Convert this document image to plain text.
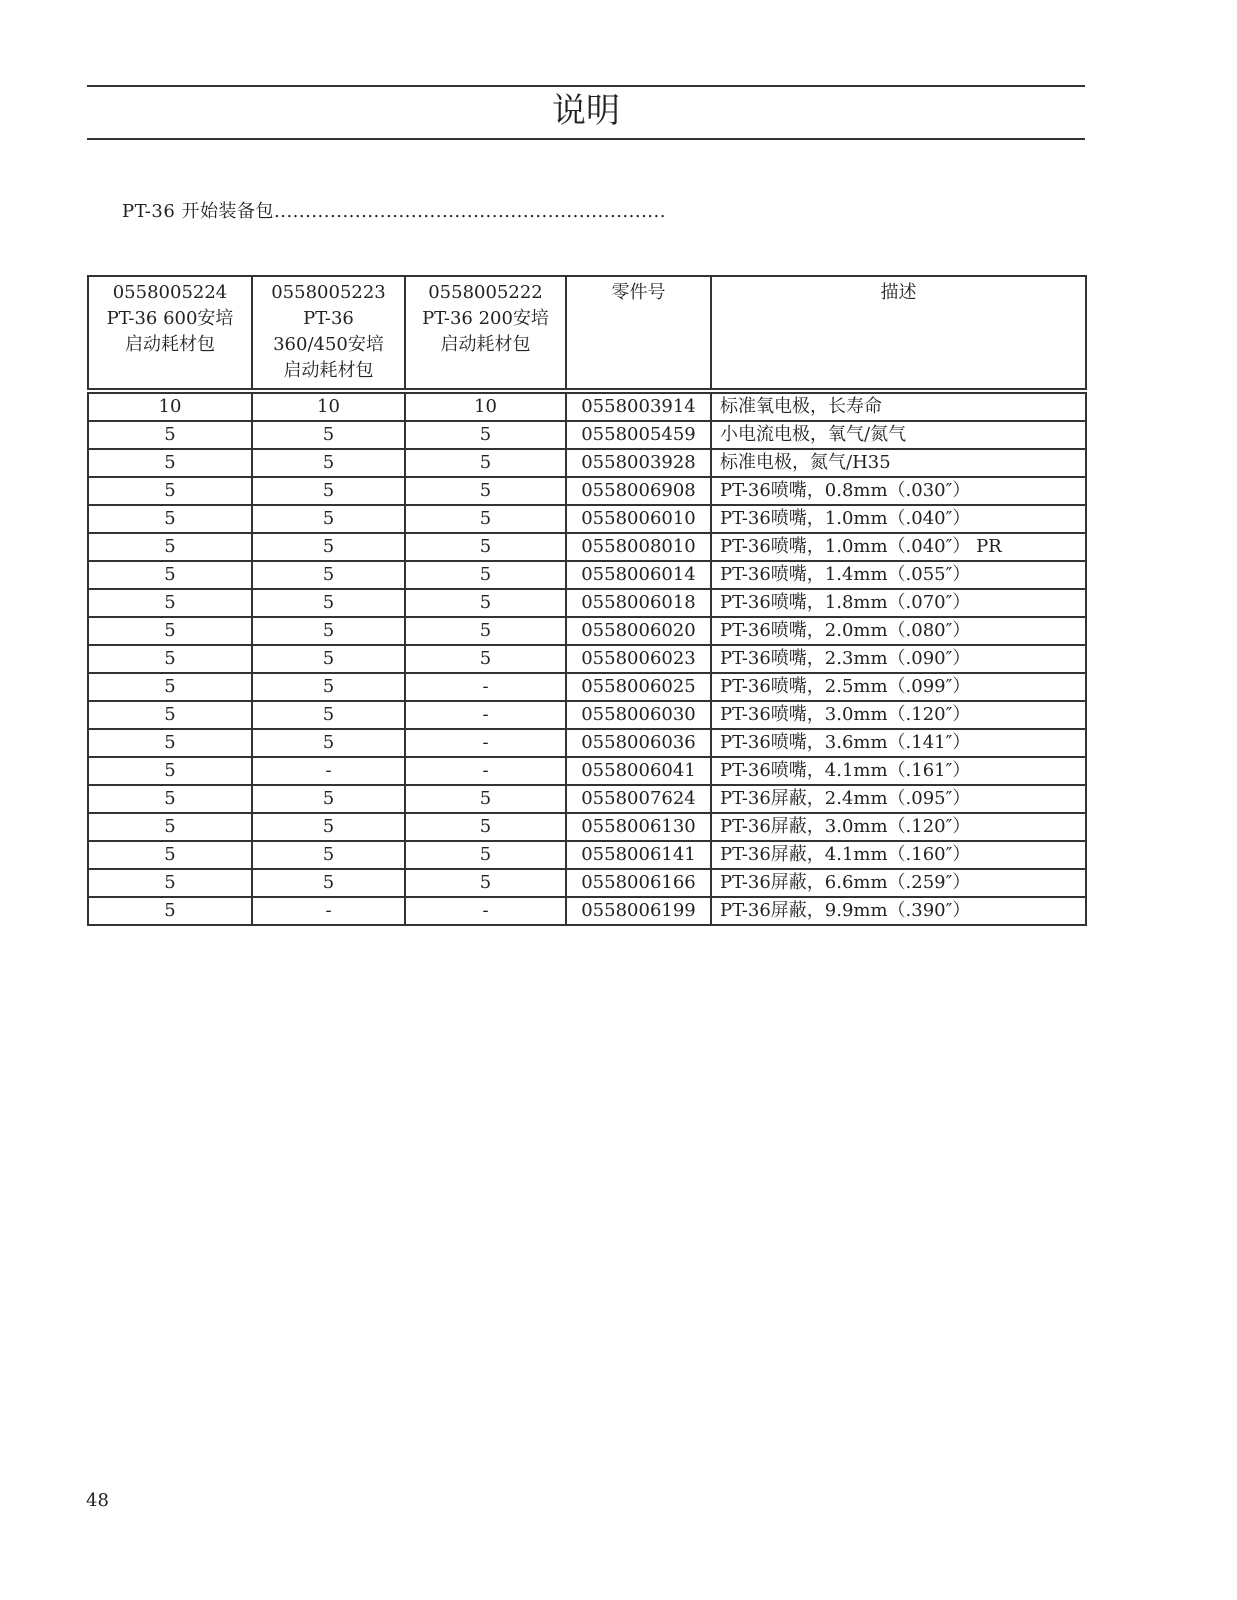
说明
PT-36 开始装备包...............................................................
0558005224
PT-36 600安培
启动耗材包	0558005223
PT-36
360/450安培
启动耗材包	0558005222
PT-36 200安培
启动耗材包	零件号	描述

10	10	10	0558003914	标准氧电极，长寿命
5	5	5	0558005459	小电流电极，氧气/氮气
5	5	5	0558003928	标准电极，氮气/H35
5	5	5	0558006908	PT-36喷嘴，0.8mm（.030″）
5	5	5	0558006010	PT-36喷嘴，1.0mm（.040″）
5	5	5	0558008010	PT-36喷嘴，1.0mm（.040″） PR
5	5	5	0558006014	PT-36喷嘴，1.4mm（.055″）
5	5	5	0558006018	PT-36喷嘴，1.8mm（.070″）
5	5	5	0558006020	PT-36喷嘴，2.0mm（.080″）
5	5	5	0558006023	PT-36喷嘴，2.3mm（.090″）
5	5	-	0558006025	PT-36喷嘴，2.5mm（.099″）
5	5	-	0558006030	PT-36喷嘴，3.0mm（.120″）
5	5	-	0558006036	PT-36喷嘴，3.6mm（.141″）
5	-	-	0558006041	PT-36喷嘴，4.1mm（.161″）
5	5	5	0558007624	PT-36屏蔽，2.4mm（.095″）
5	5	5	0558006130	PT-36屏蔽，3.0mm（.120″）
5	5	5	0558006141	PT-36屏蔽，4.1mm（.160″）
5	5	5	0558006166	PT-36屏蔽，6.6mm（.259″）
5	-	-	0558006199	PT-36屏蔽，9.9mm（.390″）
48
